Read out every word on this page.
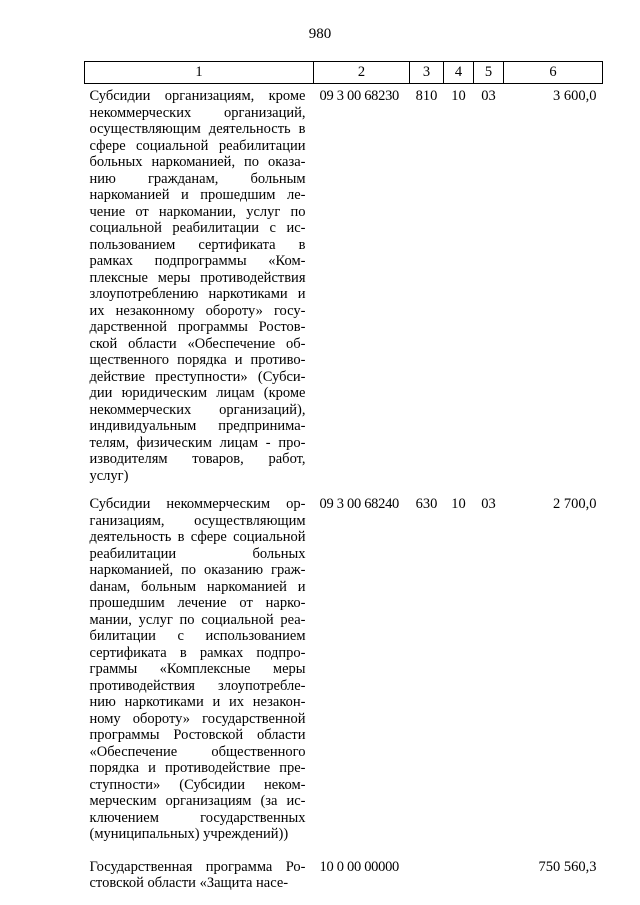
980
1	2	3	4	5	6
Субсидии организациям, кроме некоммерческих организаций, осуществляющим деятельность в сфере социальной реабилитации больных наркоманией, по оказанию гражданам, больным наркоманией и прошедшим лечение от наркомании, услуг по социальной реабилитации с использованием сертификата в рамках подпрограммы «Комплексные меры противодействия злоупотреблению наркотиками и их незаконному обороту» государственной программы Ростовской области «Обеспечение общественного порядка и противодействие преступности» (Субсидии юридическим лицам (кроме некоммерческих организаций), индивидуальным предпринимателям, физическим лицам - производителям товаров, работ, услуг)	09 3 00 68230	810	10	03	3 600,0
Субсидии некоммерческим организациям, осуществляющим деятельность в сфере социальной реабилитации больных наркоманией, по оказанию гражdанам, больным наркоманией и прошедшим лечение от наркомании, услуг по социальной реабилитации с использованием сертификата в рамках подпрограммы «Комплексные меры противодействия злоупотреблению наркотиками и их незаконному обороту» государственной программы Ростовской области «Обеспечение общественного порядка и противодействие преступности» (Субсидии некоммерческим организациям (за исключением государственных (муниципальных) учреждений))	09 3 00 68240	630	10	03	2 700,0
Государственная программа Ростовской области «Защита насе-	10 0 00 00000				750 560,3
